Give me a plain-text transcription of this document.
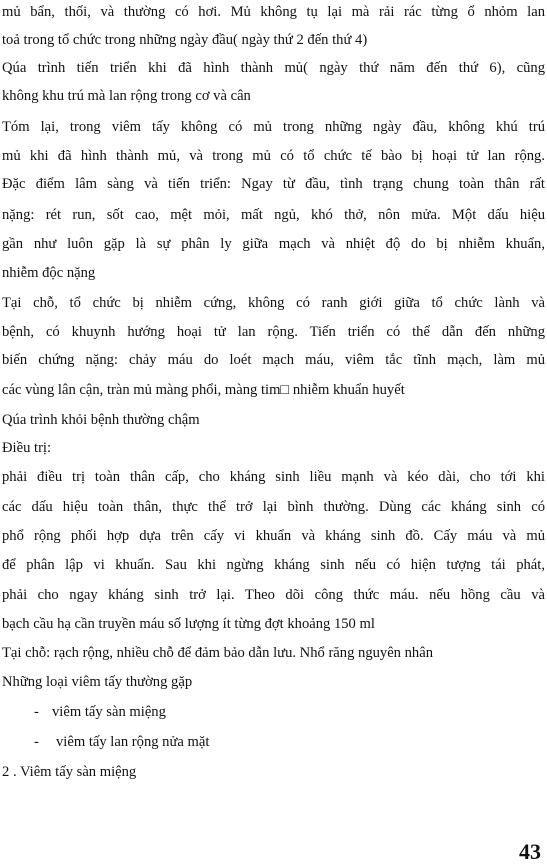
mủ bẩn, thối, và thường có hơi. Mủ không tụ lại mà rải rác từng ổ nhỏm lan
toả trong tổ chức trong những ngày đầu( ngày thứ 2 đến thứ 4)
Qúa trình tiến triển khi đã hình thành mủ( ngày thứ năm đến thứ 6), cũng
không khu trú mà lan rộng trong cơ và cân
Tóm lại, trong viêm tấy không có mủ trong những ngày đầu, không khú trú
mủ khi đã hình thành mủ, và trong mủ có tổ chức tế bào bị hoại tử lan rộng.
Đặc điểm lâm sàng và tiến triển: Ngay từ đầu, tình trạng chung toàn thân rất
nặng: rét run, sốt cao, mệt mỏi, mất ngủ, khó thở, nôn mửa. Một dấu hiệu
gần như luôn gặp là sự phân ly giữa mạch và nhiệt độ do bị nhiễm khuẩn,
nhiễm độc nặng
Tại chỗ, tổ chức bị nhiễm cứng, không có ranh giới giữa tổ chức lành và
bệnh, có khuynh hướng hoại tử lan rộng. Tiến triển có thể dẫn đến những
biến chứng nặng: chảy máu do loét mạch máu, viêm tắc tĩnh mạch, làm mủ
các vùng lân cận, tràn mủ màng phổi, màng tim□ nhiễm khuẩn huyết
Qúa trình khỏi bệnh thường chậm
Điều trị:
phải điều trị toàn thân cấp, cho kháng sinh liều mạnh và kéo dài, cho tới khi
các dấu hiệu toàn thân, thực thể trở lại bình thường. Dùng các kháng sinh có
phổ rộng phối hợp dựa trên cấy vi khuẩn và kháng sinh đồ. Cấy máu và mủ
để phân lập vi khuẩn. Sau khi ngừng kháng sinh nếu có hiện tượng tái phát,
phải cho ngay kháng sinh trở lại. Theo dõi công thức máu. nếu hồng cầu và
bạch cầu hạ cần truyền máu số lượng ít từng đợt khoảng 150 ml
Tại chỗ: rạch rộng, nhiều chỗ để đảm bảo dẫn lưu. Nhổ răng nguyên nhân
Những loại viêm tấy thường gặp
- viêm tấy sàn miệng
- viêm tấy lan rộng nửa mặt
2 . Viêm tấy sàn miệng
43
